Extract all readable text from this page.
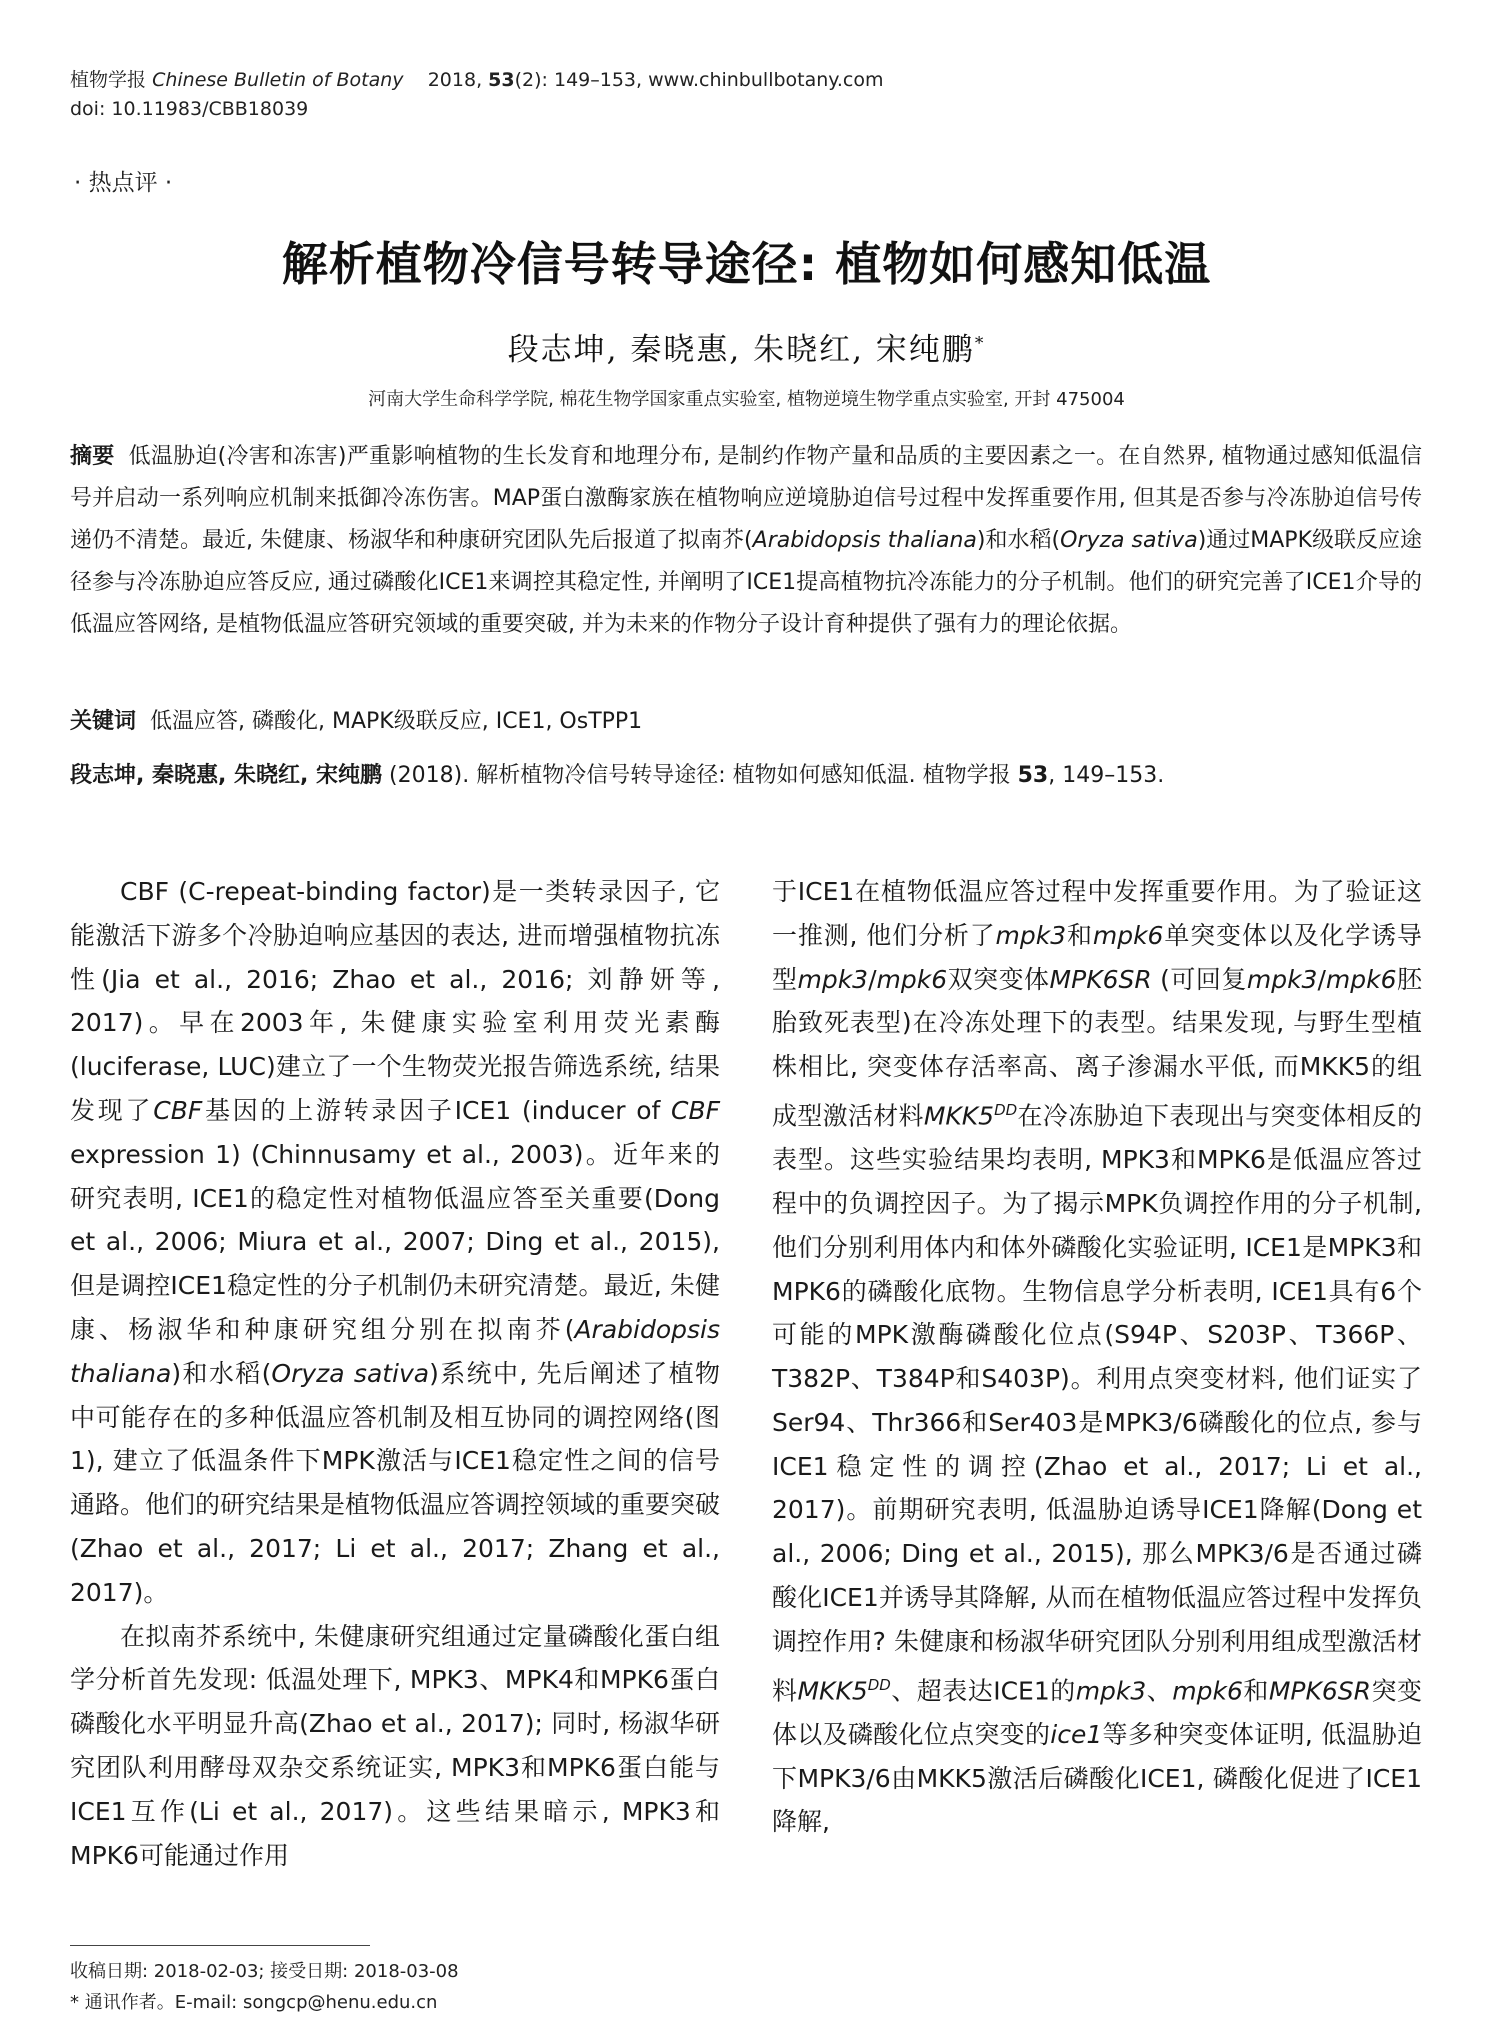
植物学报 Chinese Bulletin of Botany 2018, 53(2): 149–153, www.chinbullbotany.com
doi: 10.11983/CBB18039
· 热点评 ·
解析植物冷信号转导途径: 植物如何感知低温
段志坤, 秦晓惠, 朱晓红, 宋纯鹏*
河南大学生命科学学院, 棉花生物学国家重点实验室, 植物逆境生物学重点实验室, 开封 475004
摘要 低温胁迫(冷害和冻害)严重影响植物的生长发育和地理分布, 是制约作物产量和品质的主要因素之一。在自然界, 植物通过感知低温信号并启动一系列响应机制来抵御冷冻伤害。MAP蛋白激酶家族在植物响应逆境胁迫信号过程中发挥重要作用, 但其是否参与冷冻胁迫信号传递仍不清楚。最近, 朱健康、杨淑华和种康研究团队先后报道了拟南芥(Arabidopsis thaliana)和水稻(Oryza sativa)通过MAPK级联反应途径参与冷冻胁迫应答反应, 通过磷酸化ICE1来调控其稳定性, 并阐明了ICE1提高植物抗冷冻能力的分子机制。他们的研究完善了ICE1介导的低温应答网络, 是植物低温应答研究领域的重要突破, 并为未来的作物分子设计育种提供了强有力的理论依据。
关键词 低温应答, 磷酸化, MAPK级联反应, ICE1, OsTPP1
段志坤, 秦晓惠, 朱晓红, 宋纯鹏 (2018). 解析植物冷信号转导途径: 植物如何感知低温. 植物学报 53, 149–153.

CBF (C-repeat-binding factor)是一类转录因子, 它能激活下游多个冷胁迫响应基因的表达, 进而增强植物抗冻性(Jia et al., 2016; Zhao et al., 2016; 刘静妍等, 2017)。早在2003年, 朱健康实验室利用荧光素酶(luciferase, LUC)建立了一个生物荧光报告筛选系统, 结果发现了CBF基因的上游转录因子ICE1 (inducer of CBF expression 1) (Chinnusamy et al., 2003)。近年来的研究表明, ICE1的稳定性对植物低温应答至关重要(Dong et al., 2006; Miura et al., 2007; Ding et al., 2015), 但是调控ICE1稳定性的分子机制仍未研究清楚。最近, 朱健康、杨淑华和种康研究组分别在拟南芥(Arabidopsis thaliana)和水稻(Oryza sativa)系统中, 先后阐述了植物中可能存在的多种低温应答机制及相互协同的调控网络(图1), 建立了低温条件下MPK激活与ICE1稳定性之间的信号通路。他们的研究结果是植物低温应答调控领域的重要突破(Zhao et al., 2017; Li et al., 2017; Zhang et al., 2017)。

在拟南芥系统中, 朱健康研究组通过定量磷酸化蛋白组学分析首先发现: 低温处理下, MPK3、MPK4和MPK6蛋白磷酸化水平明显升高(Zhao et al., 2017); 同时, 杨淑华研究团队利用酵母双杂交系统证实, MPK3和MPK6蛋白能与ICE1互作(Li et al., 2017)。这些结果暗示, MPK3和MPK6可能通过作用

于ICE1在植物低温应答过程中发挥重要作用。为了验证这一推测, 他们分析了mpk3和mpk6单突变体以及化学诱导型mpk3/mpk6双突变体MPK6SR (可回复mpk3/mpk6胚胎致死表型)在冷冻处理下的表型。结果发现, 与野生型植株相比, 突变体存活率高、离子渗漏水平低, 而MKK5的组成型激活材料$MKK5^{DD}$在冷冻胁迫下表现出与突变体相反的表型。这些实验结果均表明, MPK3和MPK6是低温应答过程中的负调控因子。为了揭示MPK负调控作用的分子机制, 他们分别利用体内和体外磷酸化实验证明, ICE1是MPK3和MPK6的磷酸化底物。生物信息学分析表明, ICE1具有6个可能的MPK激酶磷酸化位点(S94P、S203P、T366P、T382P、T384P和S403P)。利用点突变材料, 他们证实了Ser94、Thr366和Ser403是MPK3/6磷酸化的位点, 参与ICE1稳定性的调控(Zhao et al., 2017; Li et al., 2017)。前期研究表明, 低温胁迫诱导ICE1降解(Dong et al., 2006; Ding et al., 2015), 那么MPK3/6是否通过磷酸化ICE1并诱导其降解, 从而在植物低温应答过程中发挥负调控作用? 朱健康和杨淑华研究团队分别利用组成型激活材料$MKK5^{DD}$、超表达ICE1的mpk3、mpk6和MPK6SR突变体以及磷酸化位点突变的ice1等多种突变体证明, 低温胁迫下MPK3/6由MKK5激活后磷酸化ICE1, 磷酸化促进了ICE1降解,

收稿日期: 2018-02-03; 接受日期: 2018-03-08
* 通讯作者。E-mail: songcp@henu.edu.cn
